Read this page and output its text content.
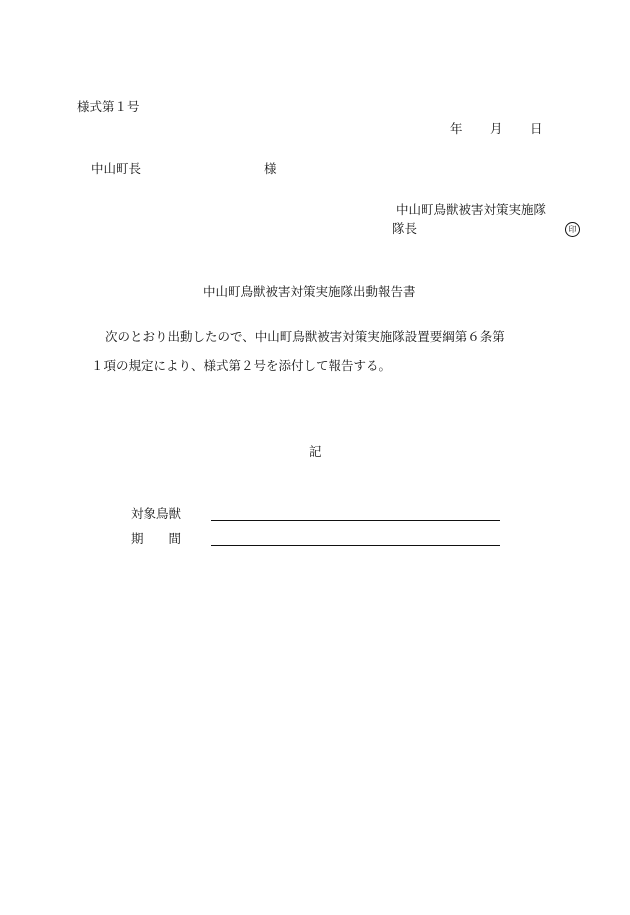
様式第１号
年 月 日
中山町長	様
中山町鳥獣被害対策実施隊
隊長	印
中山町鳥獣被害対策実施隊出動報告書
次のとおり出動したので、中山町鳥獣被害対策実施隊設置要綱第６条第
１項の規定により、様式第２号を添付して報告する。
記
対象鳥獣
期　　間
